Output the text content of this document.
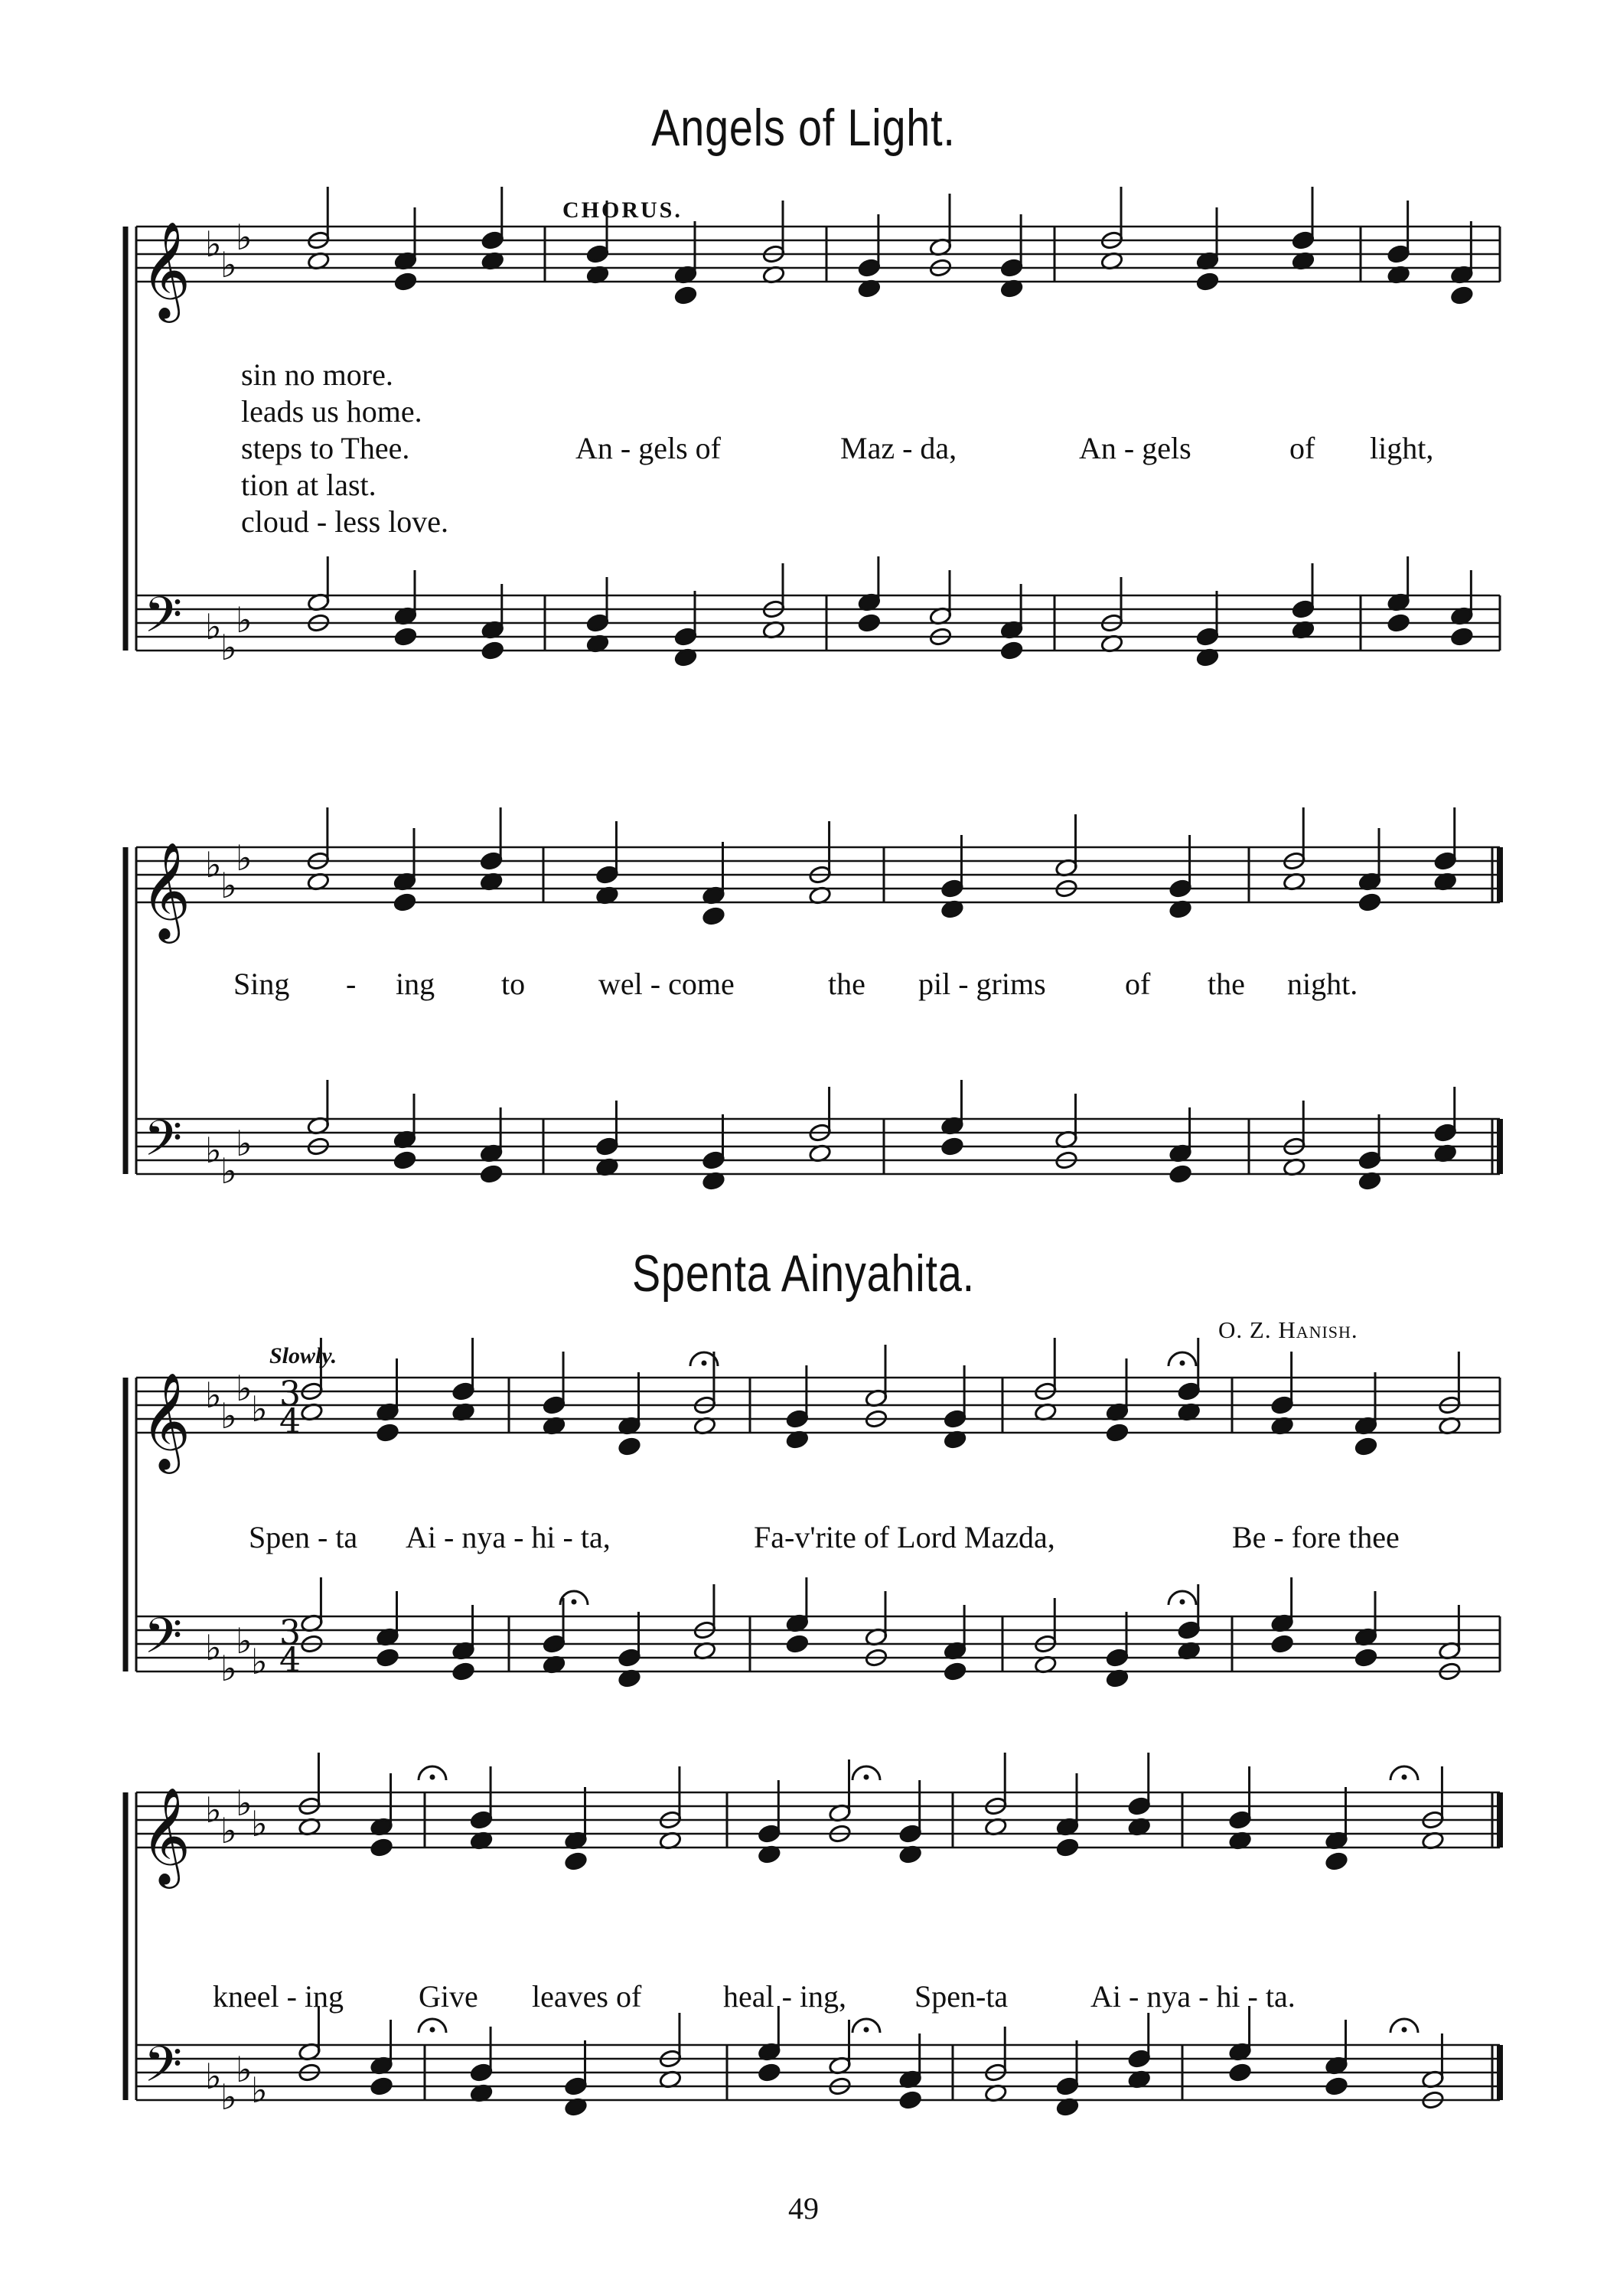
Angels of Light.
𝄞
𝄢
♭
♭
♭
♭
♭
♭
𝄞
𝄢
♭
♭
♭
♭
♭
♭
𝄞
𝄢
♭
♭
♭
♭
♭
♭
♭
♭
𝄞
𝄢
♭
♭
♭
♭
♭
♭
♭
♭
3
4
3
4
CHORUS.
sin no more.
leads us home.
steps to Thee.
tion at last.
cloud - less love.
An - gels of	Maz - da,	An - gels	of light,
Sing - ing to wel - come	the pil - grims	of the night.
Spenta Ainyahita.
Slowly.
O. Z. Hanish.
Spen - ta Ai - nya - hi - ta,	Fa-v'rite of Lord Mazda,	Be - fore thee
kneel - ing Give leaves of	heal - ing, Spen-ta	Ai - nya - hi - ta.
49
